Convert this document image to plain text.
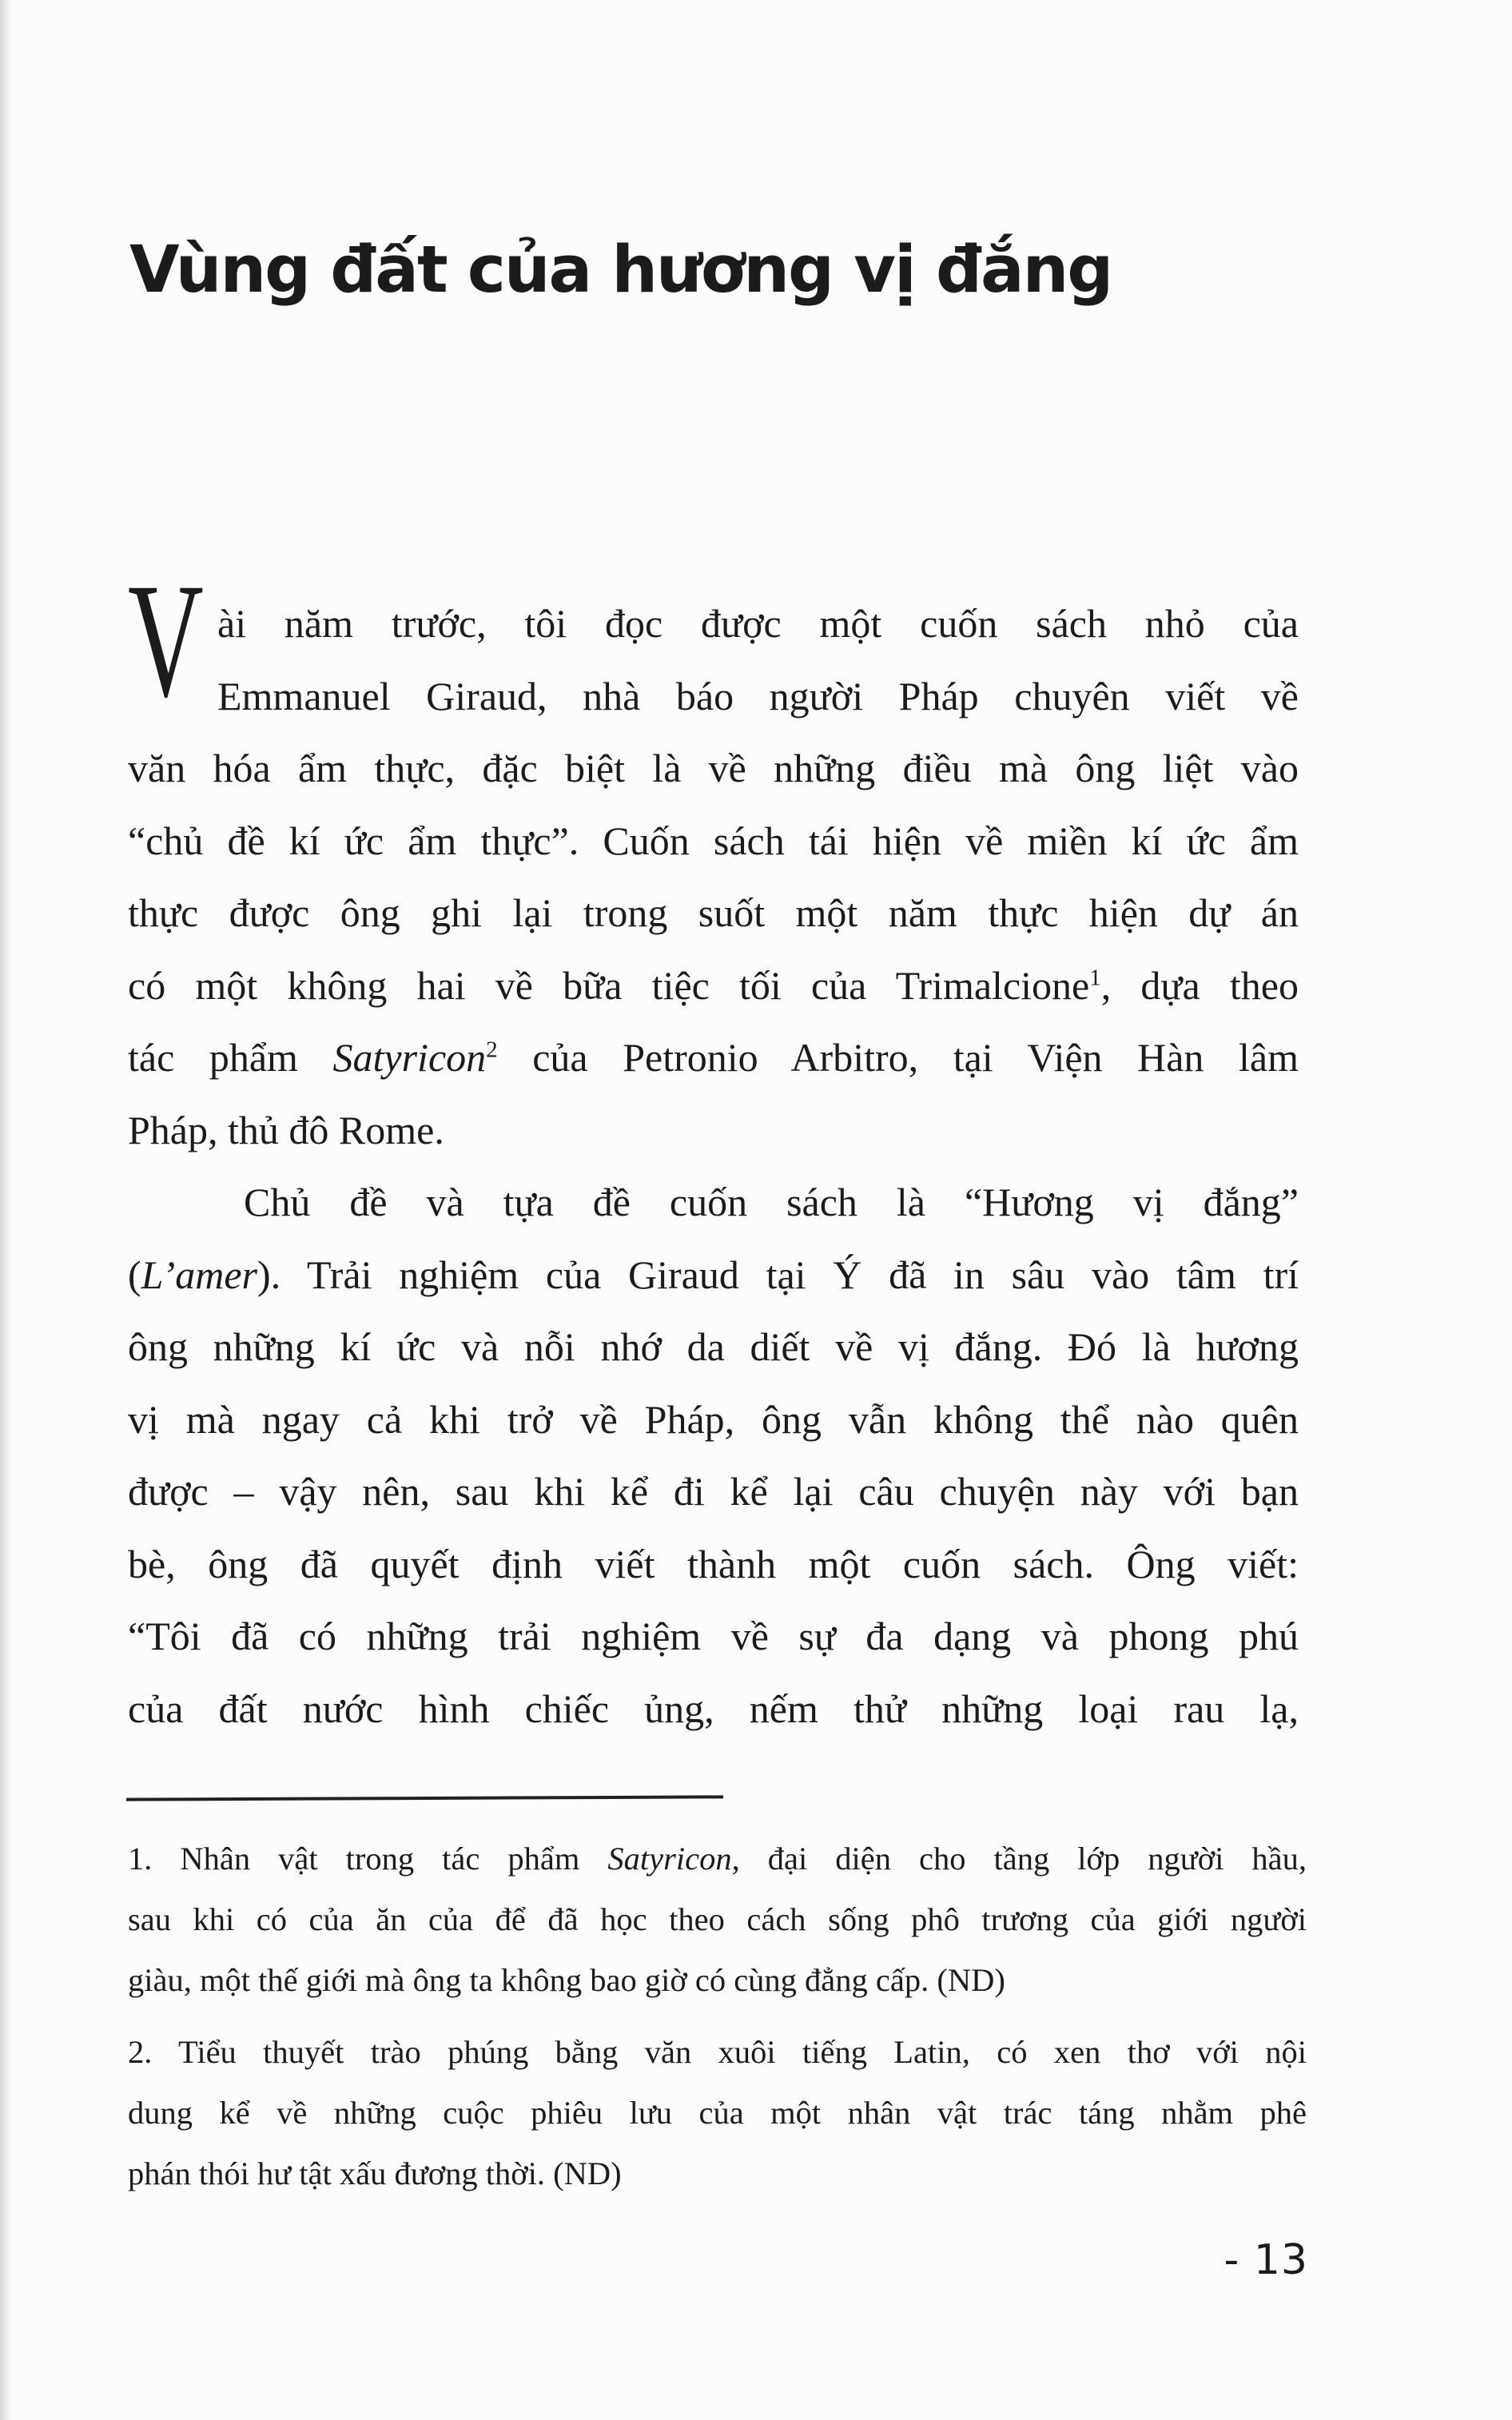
Vùng đất của hương vị đắng
V ài năm trước, tôi đọc được một cuốn sách nhỏ của
Emmanuel Giraud, nhà báo người Pháp chuyên viết về
văn hóa ẩm thực, đặc biệt là về những điều mà ông liệt vào
“chủ đề kí ức ẩm thực”. Cuốn sách tái hiện về miền kí ức ẩm
thực được ông ghi lại trong suốt một năm thực hiện dự án
có một không hai về bữa tiệc tối của Trimalcione$^1$, dựa theo
tác phẩm Satyricon$^2$ của Petronio Arbitro, tại Viện Hàn lâm
Pháp, thủ đô Rome.
Chủ đề và tựa đề cuốn sách là “Hương vị đắng”
(L’amer). Trải nghiệm của Giraud tại Ý đã in sâu vào tâm trí
ông những kí ức và nỗi nhớ da diết về vị đắng. Đó là hương
vị mà ngay cả khi trở về Pháp, ông vẫn không thể nào quên
được – vậy nên, sau khi kể đi kể lại câu chuyện này với bạn
bè, ông đã quyết định viết thành một cuốn sách. Ông viết:
“Tôi đã có những trải nghiệm về sự đa dạng và phong phú
của đất nước hình chiếc ủng, nếm thử những loại rau lạ,
1. Nhân vật trong tác phẩm Satyricon, đại diện cho tầng lớp người hầu,
sau khi có của ăn của để đã học theo cách sống phô trương của giới người
giàu, một thế giới mà ông ta không bao giờ có cùng đẳng cấp. (ND)
2. Tiểu thuyết trào phúng bằng văn xuôi tiếng Latin, có xen thơ với nội
dung kể về những cuộc phiêu lưu của một nhân vật trác táng nhằm phê
phán thói hư tật xấu đương thời. (ND)
- 13
